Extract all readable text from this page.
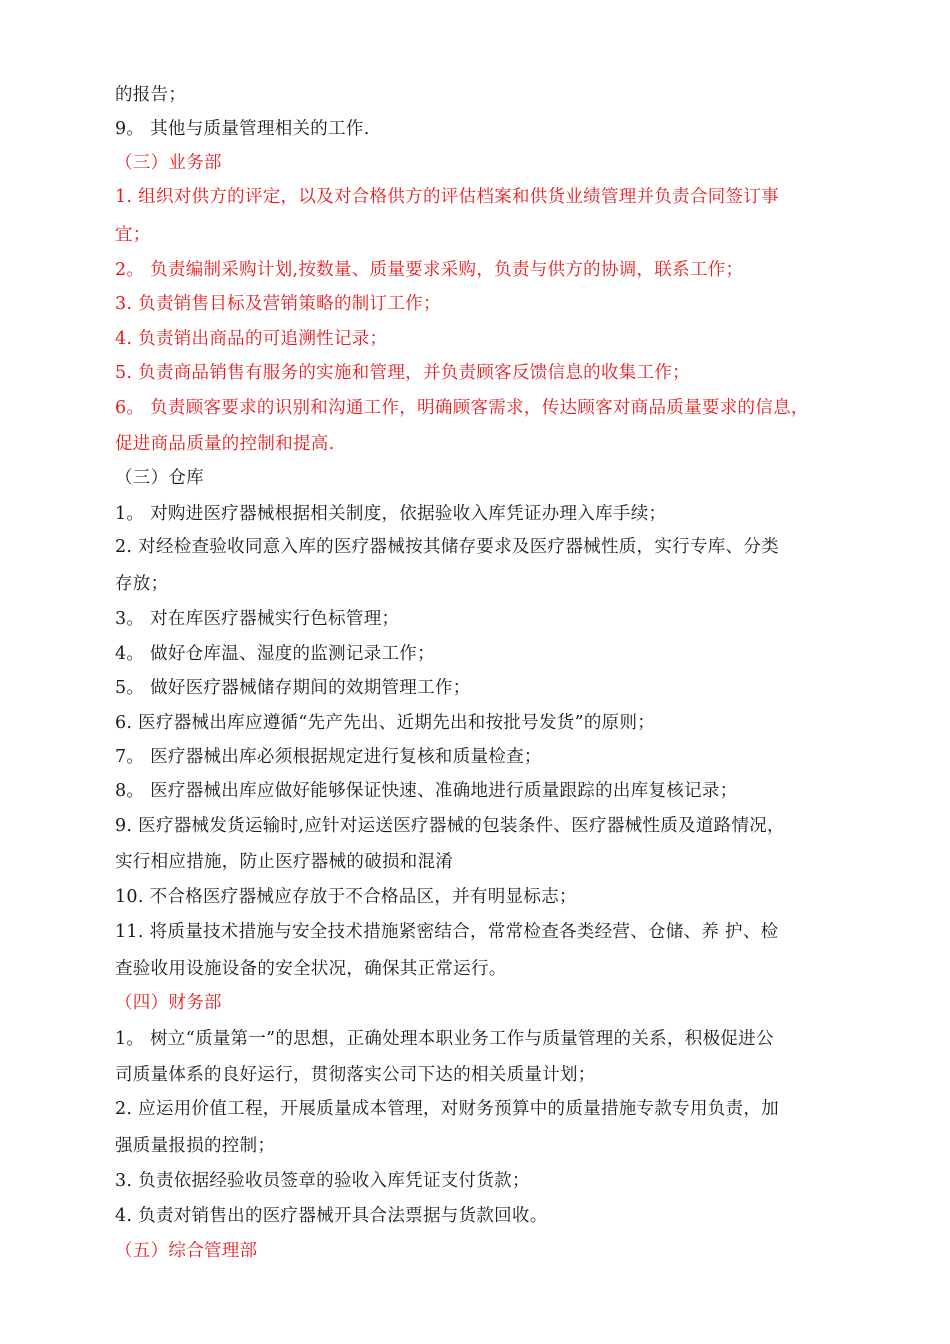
的报告；
9。 其他与质量管理相关的工作.
（三）业务部
1. 组织对供方的评定，以及对合格供方的评估档案和供货业绩管理并负责合同签订事
宜；
2。 负责编制采购计划,按数量、质量要求采购，负责与供方的协调，联系工作；
3. 负责销售目标及营销策略的制订工作；
4. 负责销出商品的可追溯性记录；
5. 负责商品销售有服务的实施和管理，并负责顾客反馈信息的收集工作；
6。 负责顾客要求的识别和沟通工作，明确顾客需求，传达顾客对商品质量要求的信息，
促进商品质量的控制和提高.
（三）仓库
1。 对购进医疗器械根据相关制度，依据验收入库凭证办理入库手续；
2. 对经检查验收同意入库的医疗器械按其储存要求及医疗器械性质，实行专库、分类
存放；
3。 对在库医疗器械实行色标管理；
4。 做好仓库温、湿度的监测记录工作；
5。 做好医疗器械储存期间的效期管理工作；
6. 医疗器械出库应遵循“先产先出、近期先出和按批号发货”的原则；
7。 医疗器械出库必须根据规定进行复核和质量检查；
8。 医疗器械出库应做好能够保证快速、准确地进行质量跟踪的出库复核记录；
9. 医疗器械发货运输时,应针对运送医疗器械的包装条件、医疗器械性质及道路情况，
实行相应措施，防止医疗器械的破损和混淆
10. 不合格医疗器械应存放于不合格品区，并有明显标志；
11. 将质量技术措施与安全技术措施紧密结合，常常检查各类经营、仓储、养 护、检
查验收用设施设备的安全状况，确保其正常运行。
（四）财务部
1。 树立“质量第一”的思想，正确处理本职业务工作与质量管理的关系，积极促进公
司质量体系的良好运行，贯彻落实公司下达的相关质量计划；
2. 应运用价值工程，开展质量成本管理，对财务预算中的质量措施专款专用负责，加
强质量报损的控制；
3. 负责依据经验收员签章的验收入库凭证支付货款；
4. 负责对销售出的医疗器械开具合法票据与货款回收。
（五）综合管理部
